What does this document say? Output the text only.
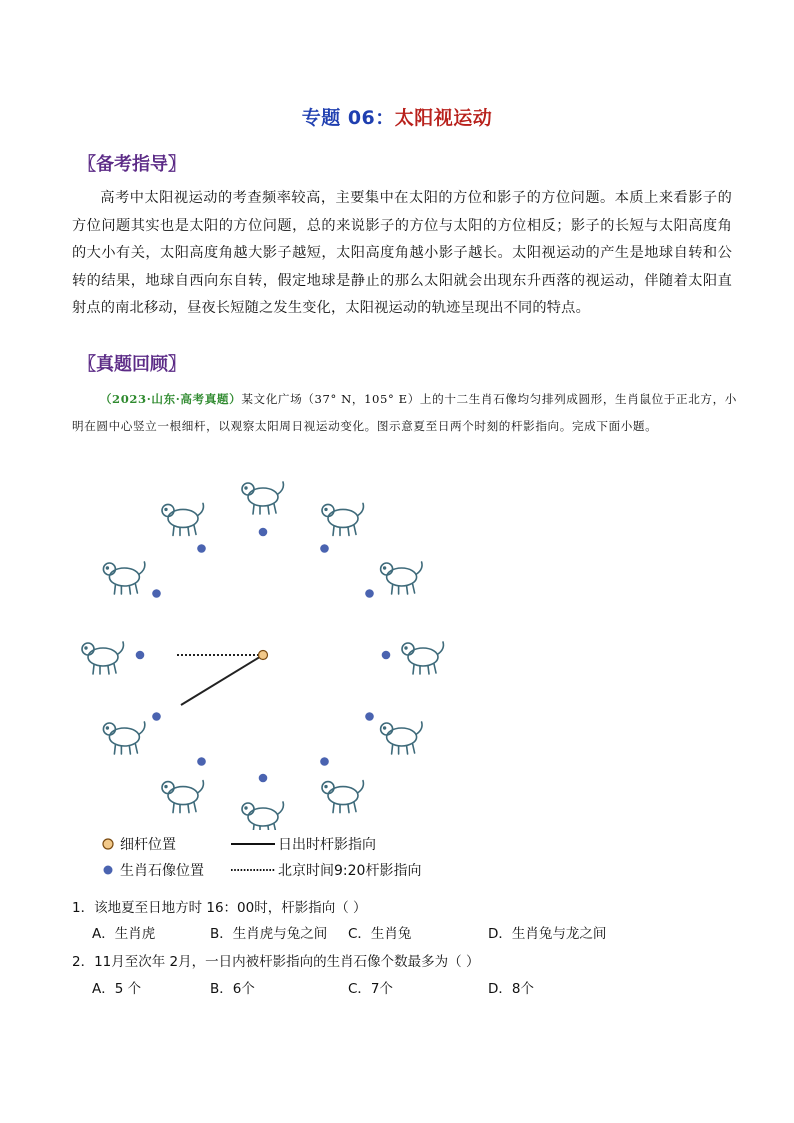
专题 06：太阳视运动
〖备考指导〗
高考中太阳视运动的考查频率较高，主要集中在太阳的方位和影子的方位问题。本质上来看影子的方位问题其实也是太阳的方位问题，总的来说影子的方位与太阳的方位相反；影子的长短与太阳高度角的大小有关，太阳高度角越大影子越短，太阳高度角越小影子越长。太阳视运动的产生是地球自转和公转的结果，地球自西向东自转，假定地球是静止的那么太阳就会出现东升西落的视运动，伴随着太阳直射点的南北移动，昼夜长短随之发生变化，太阳视运动的轨迹呈现出不同的特点。
〖真题回顾〗
（2023·山东·高考真题）某文化广场（37° N，105° E）上的十二生肖石像均匀排列成圆形，生肖鼠位于正北方，小明在圆中心竖立一根细杆，以观察太阳周日视运动变化。图示意夏至日两个时刻的杆影指向。完成下面小题。
细杆位置
生肖石像位置
日出时杆影指向
北京时间9:20杆影指向
1．该地夏至日地方时 16：00时，杆影指向（ ）
A．生肖虎	B．生肖虎与兔之间 C．生肖兔	D．生肖兔与龙之间
2．11月至次年 2月，一日内被杆影指向的生肖石像个数最多为（ ）
A．5 个	B．6个	C．7个	D．8个
